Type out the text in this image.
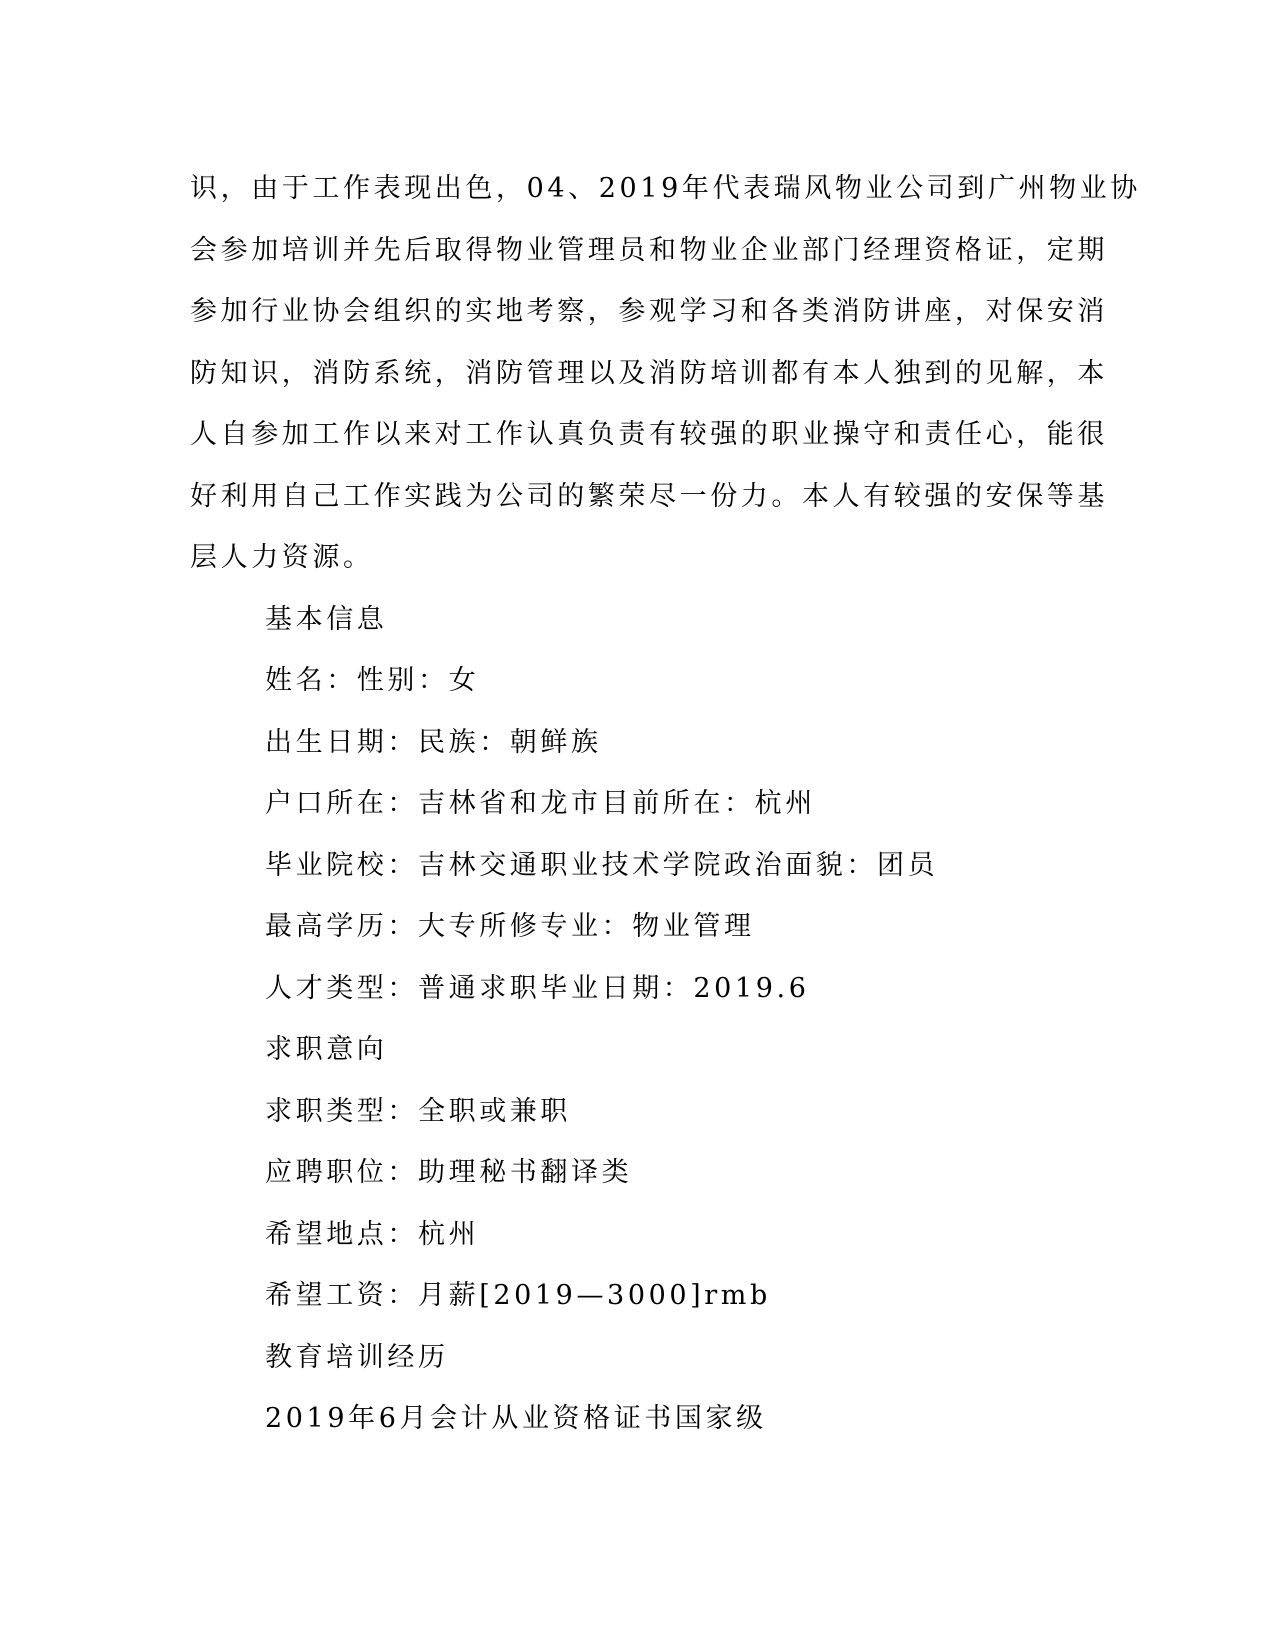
识，由于工作表现出色，04、2019年代表瑞风物业公司到广州物业协
会参加培训并先后取得物业管理员和物业企业部门经理资格证，定期
参加行业协会组织的实地考察，参观学习和各类消防讲座，对保安消
防知识，消防系统，消防管理以及消防培训都有本人独到的见解，本
人自参加工作以来对工作认真负责有较强的职业操守和责任心，能很
好利用自己工作实践为公司的繁荣尽一份力。本人有较强的安保等基
层人力资源。

基本信息

姓名：性别：女

出生日期：民族：朝鲜族

户口所在：吉林省和龙市目前所在：杭州

毕业院校：吉林交通职业技术学院政治面貌：团员

最高学历：大专所修专业：物业管理

人才类型：普通求职毕业日期：2019.6

求职意向

求职类型：全职或兼职

应聘职位：助理秘书翻译类

希望地点：杭州

希望工资：月薪[2019—3000]rmb

教育培训经历

2019年6月会计从业资格证书国家级
